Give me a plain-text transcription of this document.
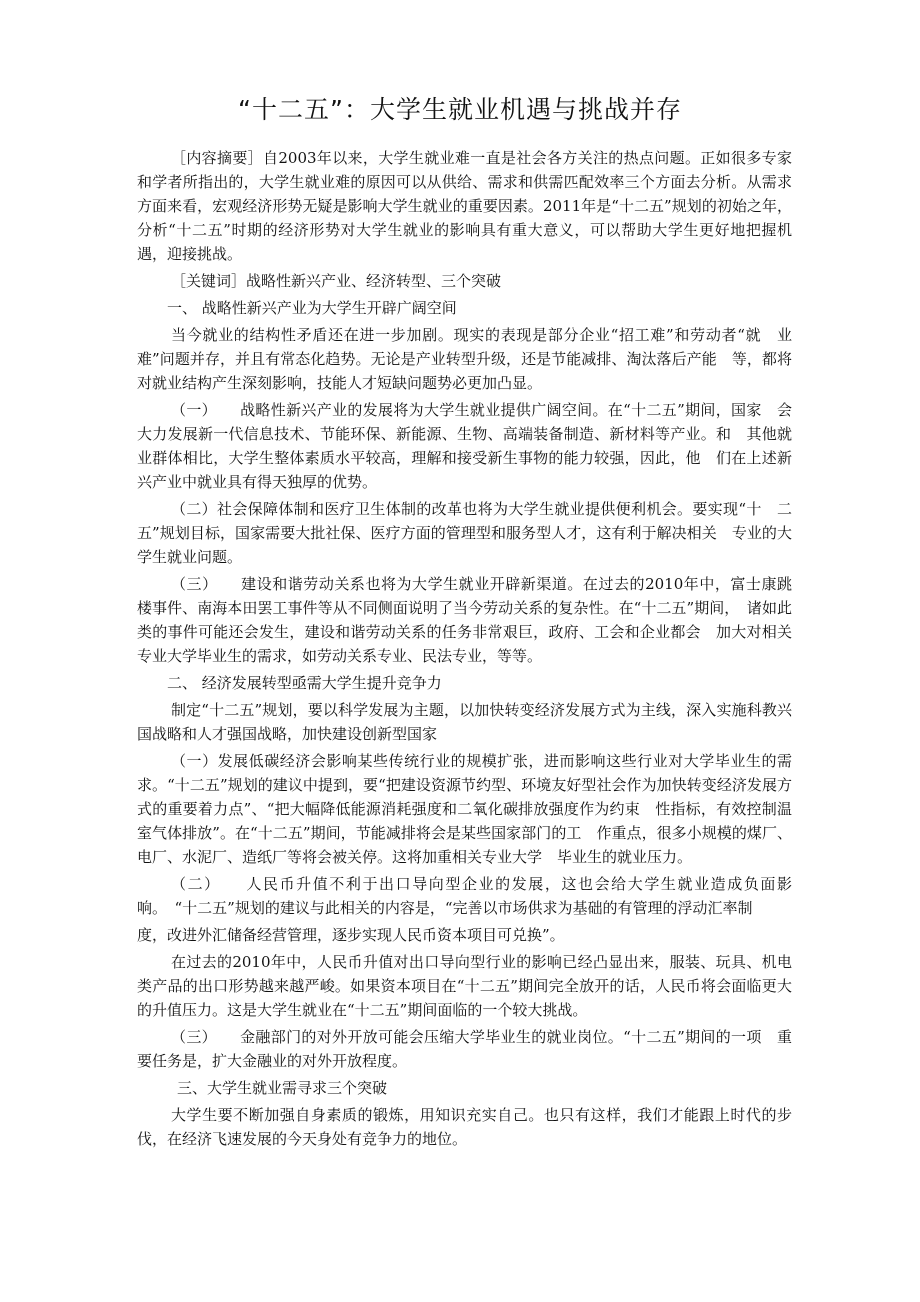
“十二五”：大学生就业机遇与挑战并存

［内容摘要］自2003年以来，大学生就业难一直是社会各方关注的热点问题。正如很多专家和学者所指出的，大学生就业难的原因可以从供给、需求和供需匹配效率三个方面去分析。从需求方面来看，宏观经济形势无疑是影响大学生就业的重要因素。2011年是“十二五”规划的初始之年，分析“十二五”时期的经济形势对大学生就业的影响具有重大意义，可以帮助大学生更好地把握机遇，迎接挑战。

［关键词］战略性新兴产业、经济转型、三个突破

一、 战略性新兴产业为大学生开辟广阔空间

当今就业的结构性矛盾还在进一步加剧。现实的表现是部分企业“招工难”和劳动者“就　业难”问题并存，并且有常态化趋势。无论是产业转型升级，还是节能减排、淘汰落后产能　等，都将对就业结构产生深刻影响，技能人才短缺问题势必更加凸显。

（一）　　战略性新兴产业的发展将为大学生就业提供广阔空间。在“十二五”期间，国家　会大力发展新一代信息技术、节能环保、新能源、生物、高端装备制造、新材料等产业。和　其他就业群体相比，大学生整体素质水平较高，理解和接受新生事物的能力较强，因此，他　们在上述新兴产业中就业具有得天独厚的优势。

（二）社会保障体制和医疗卫生体制的改革也将为大学生就业提供便利机会。要实现“十　二五”规划目标，国家需要大批社保、医疗方面的管理型和服务型人才，这有利于解决相关　专业的大学生就业问题。

（三）　　建设和谐劳动关系也将为大学生就业开辟新渠道。在过去的2010年中，富士康跳　楼事件、南海本田罢工事件等从不同侧面说明了当今劳动关系的复杂性。在“十二五”期间，　诸如此类的事件可能还会发生，建设和谐劳动关系的任务非常艰巨，政府、工会和企业都会　加大对相关专业大学毕业生的需求，如劳动关系专业、民法专业，等等。

二、 经济发展转型亟需大学生提升竞争力

制定“十二五”规划，要以科学发展为主题，以加快转变经济发展方式为主线，深入实施科教兴国战略和人才强国战略，加快建设创新型国家

（一）发展低碳经济会影响某些传统行业的规模扩张，进而影响这些行业对大学毕业生的需求。“十二五”规划的建议中提到，要“把建设资源节约型、环境友好型社会作为加快转变经济发展方式的重要着力点”、“把大幅降低能源消耗强度和二氧化碳排放强度作为约束　性指标，有效控制温室气体排放”。在“十二五”期间，节能减排将会是某些国家部门的工　作重点，很多小规模的煤厂、电厂、水泥厂、造纸厂等将会被关停。这将加重相关专业大学　毕业生的就业压力。

（二）　　人民币升值不利于出口导向型企业的发展，这也会给大学生就业造成负面影响。　“十二五”规划的建议与此相关的内容是，“完善以市场供求为基础的有管理的浮动汇率制

度，改进外汇储备经营管理，逐步实现人民币资本项目可兑换”。

在过去的2010年中，人民币升值对出口导向型行业的影响已经凸显出来，服装、玩具、机电类产品的出口形势越来越严峻。如果资本项目在“十二五”期间完全放开的话，人民币将会面临更大的升值压力。这是大学生就业在“十二五”期间面临的一个较大挑战。

（三）　　金融部门的对外开放可能会压缩大学毕业生的就业岗位。“十二五”期间的一项　重要任务是，扩大金融业的对外开放程度。

三、大学生就业需寻求三个突破

大学生要不断加强自身素质的锻炼，用知识充实自己。也只有这样，我们才能跟上时代的步伐，在经济飞速发展的今天身处有竞争力的地位。
